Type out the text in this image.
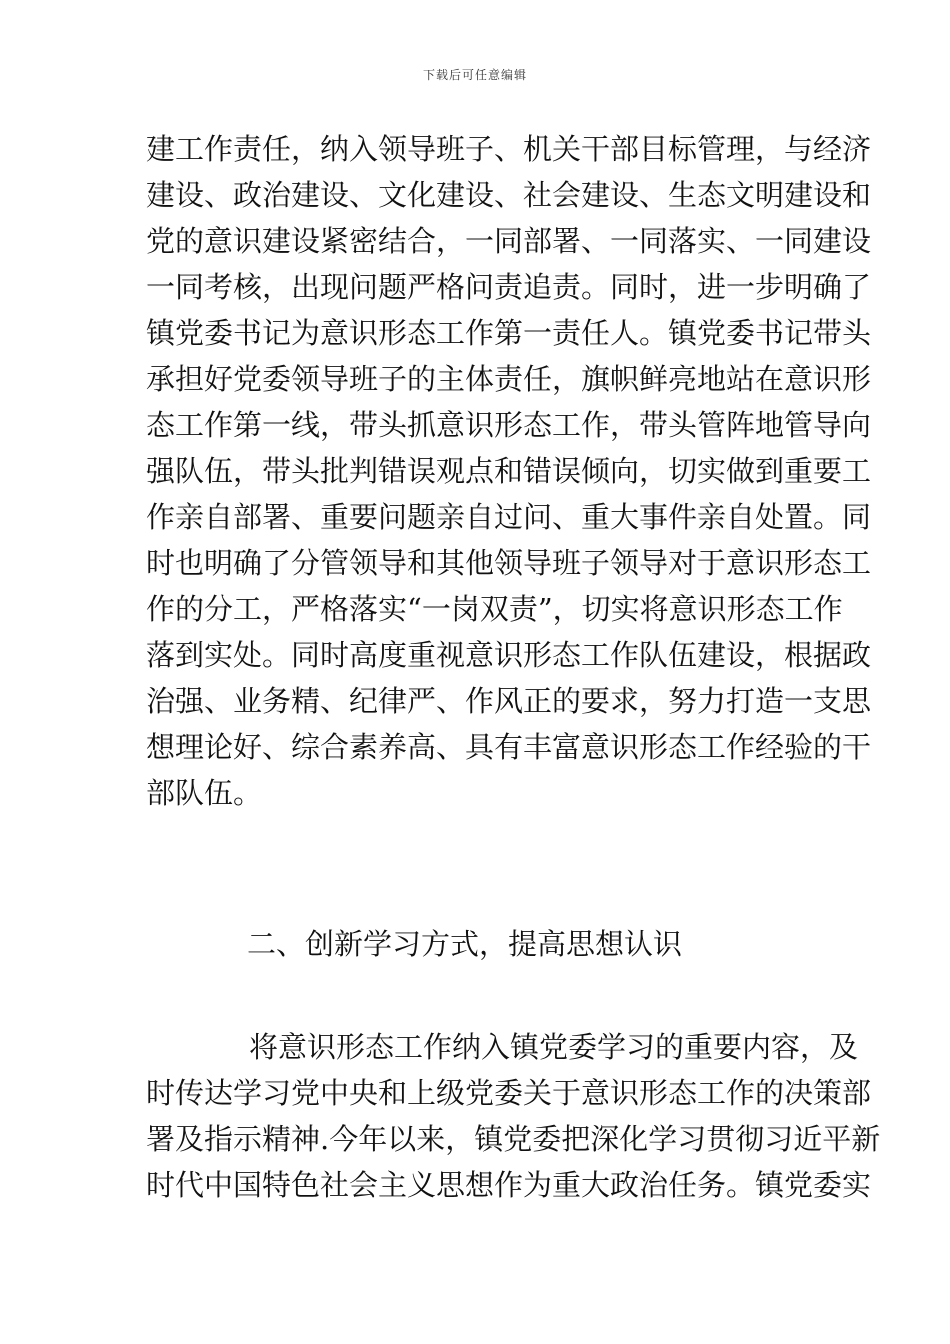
下载后可任意编辑
建工作责任，纳入领导班子、机关干部目标管理，与经济
建设、政治建设、文化建设、社会建设、生态文明建设和
党的意识建设紧密结合，一同部署、一同落实、一同建设
一同考核，出现问题严格问责追责。同时，进一步明确了
镇党委书记为意识形态工作第一责任人。镇党委书记带头
承担好党委领导班子的主体责任，旗帜鲜亮地站在意识形
态工作第一线，带头抓意识形态工作，带头管阵地管导向
强队伍，带头批判错误观点和错误倾向，切实做到重要工
作亲自部署、重要问题亲自过问、重大事件亲自处置。同
时也明确了分管领导和其他领导班子领导对于意识形态工
作的分工，严格落实“一岗双责”，切实将意识形态工作
落到实处。同时高度重视意识形态工作队伍建设，根据政
治强、业务精、纪律严、作风正的要求，努力打造一支思
想理论好、综合素养高、具有丰富意识形态工作经验的干
部队伍。
二、创新学习方式，提高思想认识
将意识形态工作纳入镇党委学习的重要内容，及
时传达学习党中央和上级党委关于意识形态工作的决策部
署及指示精神.今年以来，镇党委把深化学习贯彻习近平新
时代中国特色社会主义思想作为重大政治任务。镇党委实
